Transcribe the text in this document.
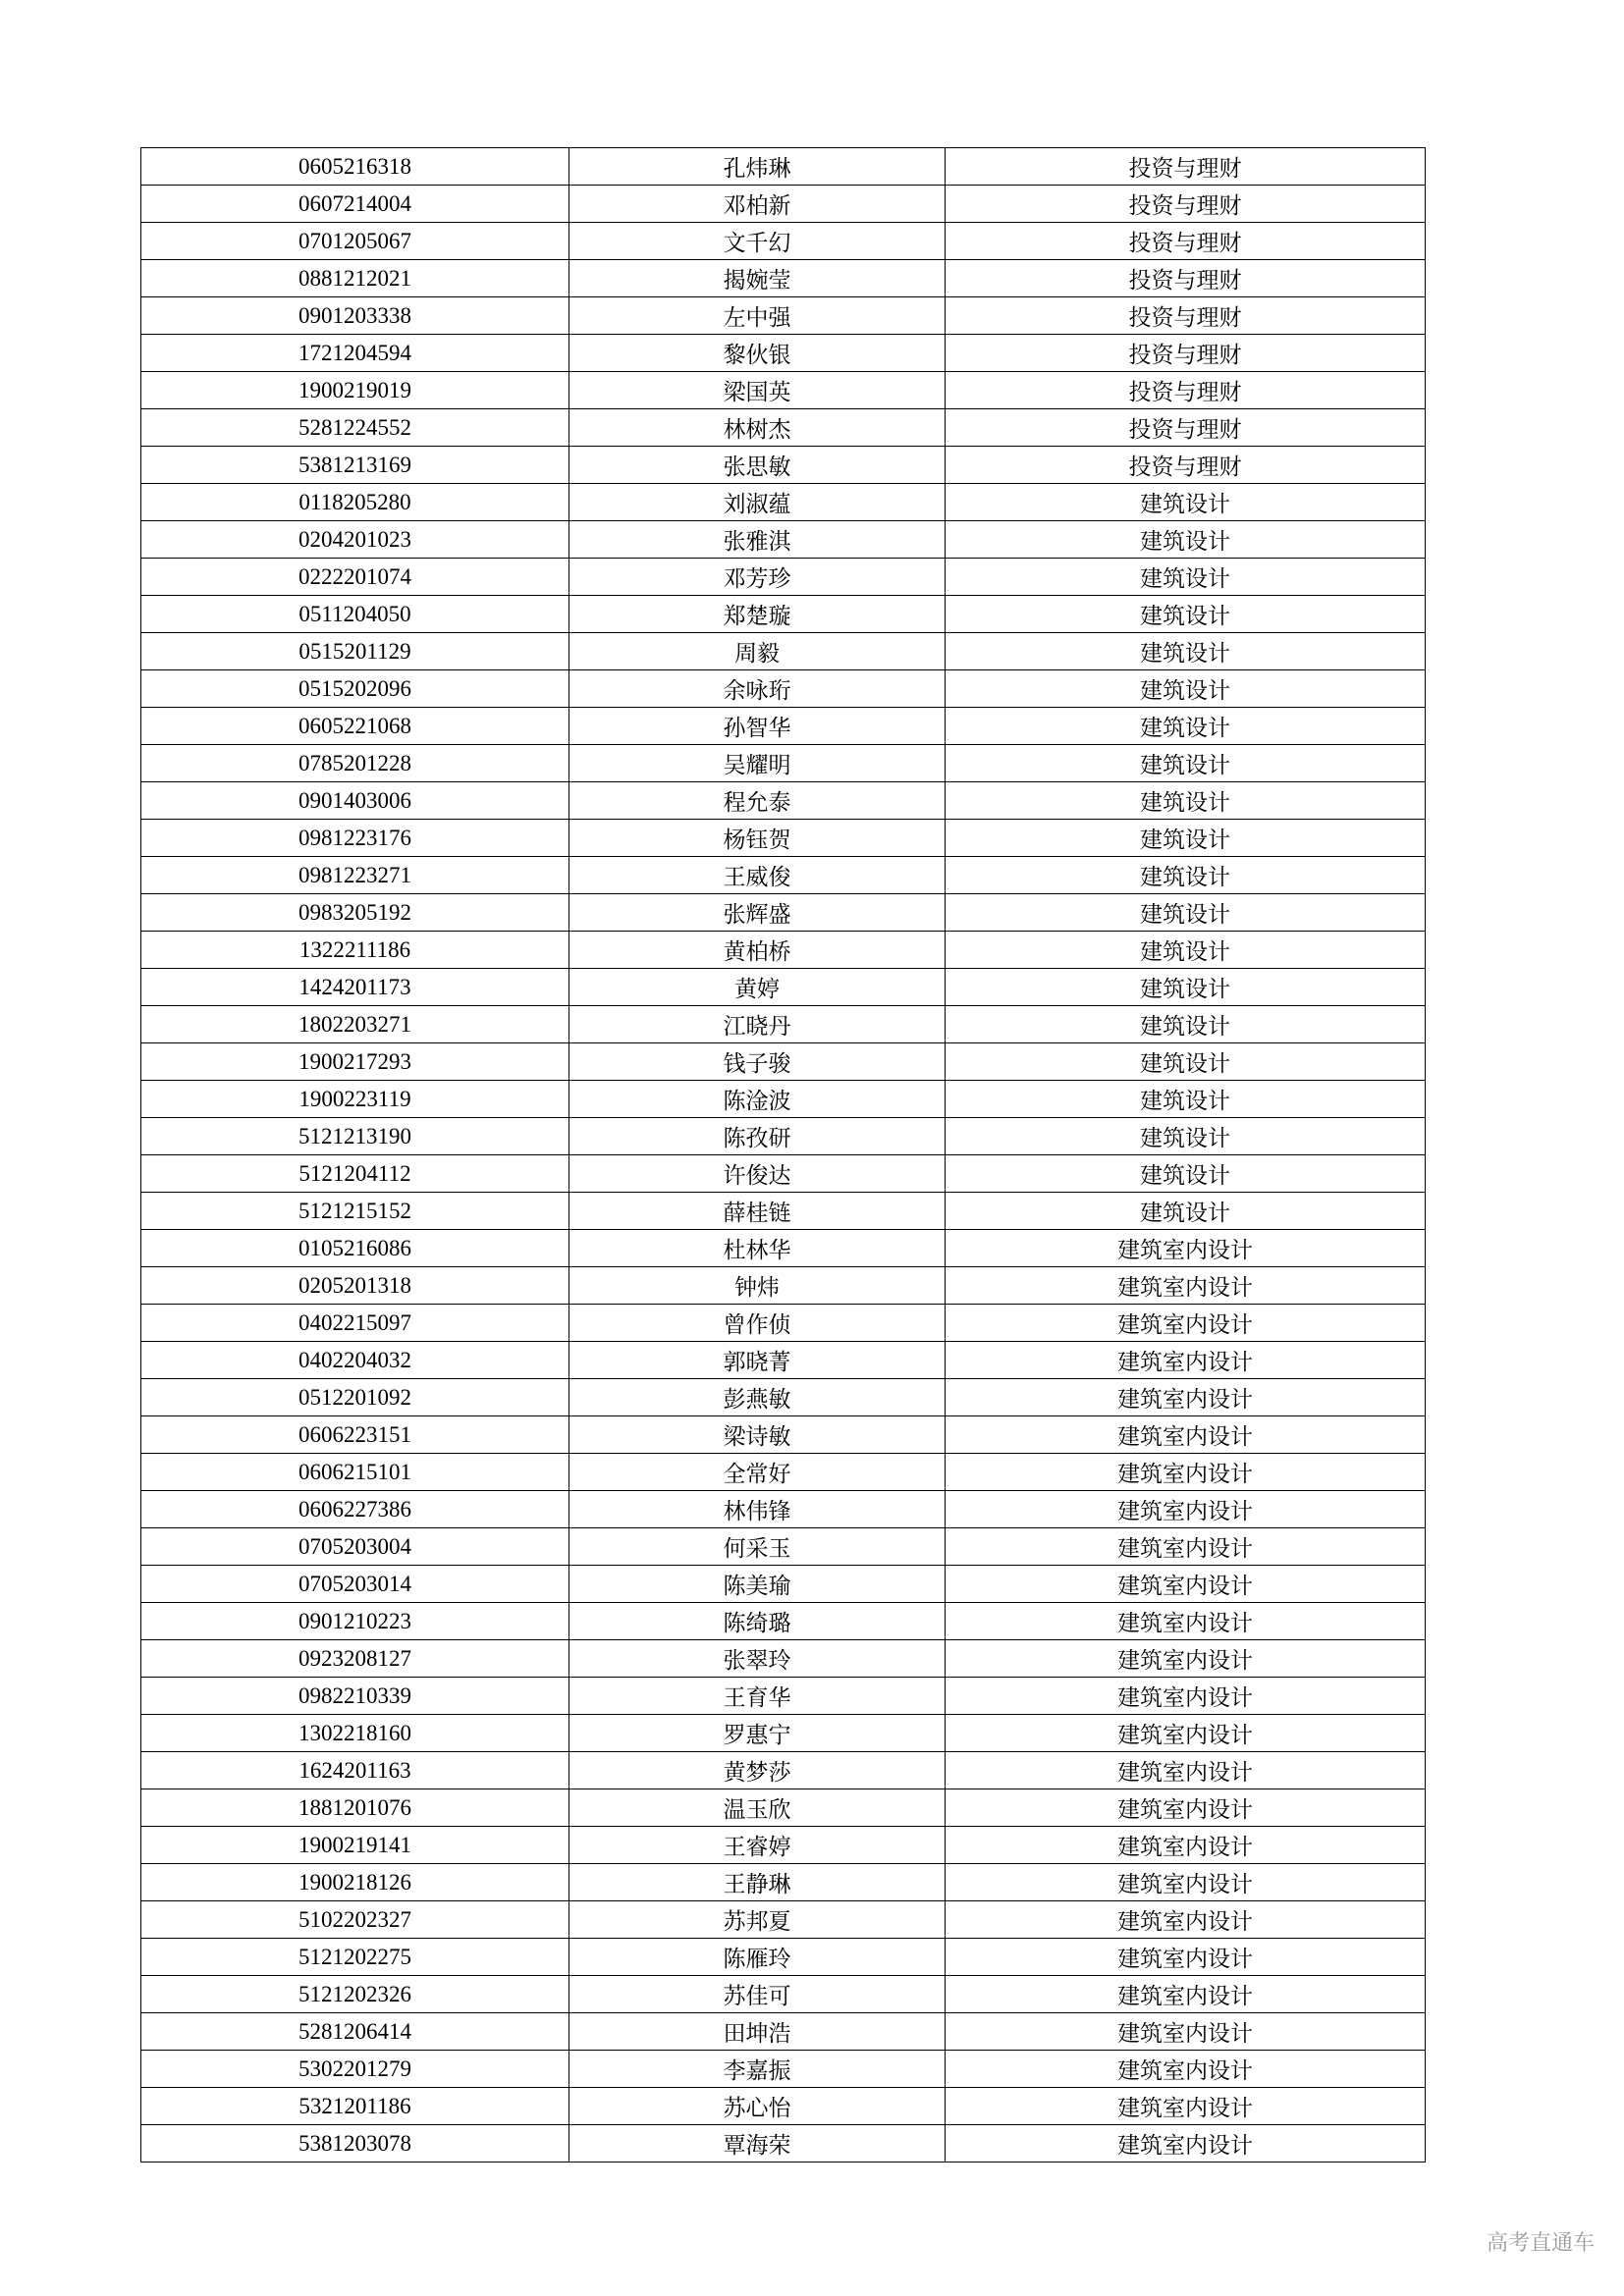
0605216318	孔炜琳	投资与理财
0607214004	邓柏新	投资与理财
0701205067	文千幻	投资与理财
0881212021	揭婉莹	投资与理财
0901203338	左中强	投资与理财
1721204594	黎伙银	投资与理财
1900219019	梁国英	投资与理财
5281224552	林树杰	投资与理财
5381213169	张思敏	投资与理财
0118205280	刘淑蕴	建筑设计
0204201023	张雅淇	建筑设计
0222201074	邓芳珍	建筑设计
0511204050	郑楚璇	建筑设计
0515201129	周毅	建筑设计
0515202096	余咏珩	建筑设计
0605221068	孙智华	建筑设计
0785201228	吴耀明	建筑设计
0901403006	程允泰	建筑设计
0981223176	杨钰贺	建筑设计
0981223271	王威俊	建筑设计
0983205192	张辉盛	建筑设计
1322211186	黄柏桥	建筑设计
1424201173	黄婷	建筑设计
1802203271	江晓丹	建筑设计
1900217293	钱子骏	建筑设计
1900223119	陈淦波	建筑设计
5121213190	陈孜研	建筑设计
5121204112	许俊达	建筑设计
5121215152	薛桂链	建筑设计
0105216086	杜林华	建筑室内设计
0205201318	钟炜	建筑室内设计
0402215097	曾作侦	建筑室内设计
0402204032	郭晓菁	建筑室内设计
0512201092	彭燕敏	建筑室内设计
0606223151	梁诗敏	建筑室内设计
0606215101	全常好	建筑室内设计
0606227386	林伟锋	建筑室内设计
0705203004	何采玉	建筑室内设计
0705203014	陈美瑜	建筑室内设计
0901210223	陈绮璐	建筑室内设计
0923208127	张翠玲	建筑室内设计
0982210339	王育华	建筑室内设计
1302218160	罗惠宁	建筑室内设计
1624201163	黄梦莎	建筑室内设计
1881201076	温玉欣	建筑室内设计
1900219141	王睿婷	建筑室内设计
1900218126	王静琳	建筑室内设计
5102202327	苏邦夏	建筑室内设计
5121202275	陈雁玲	建筑室内设计
5121202326	苏佳可	建筑室内设计
5281206414	田坤浩	建筑室内设计
5302201279	李嘉振	建筑室内设计
5321201186	苏心怡	建筑室内设计
5381203078	覃海荣	建筑室内设计
高考直通车
